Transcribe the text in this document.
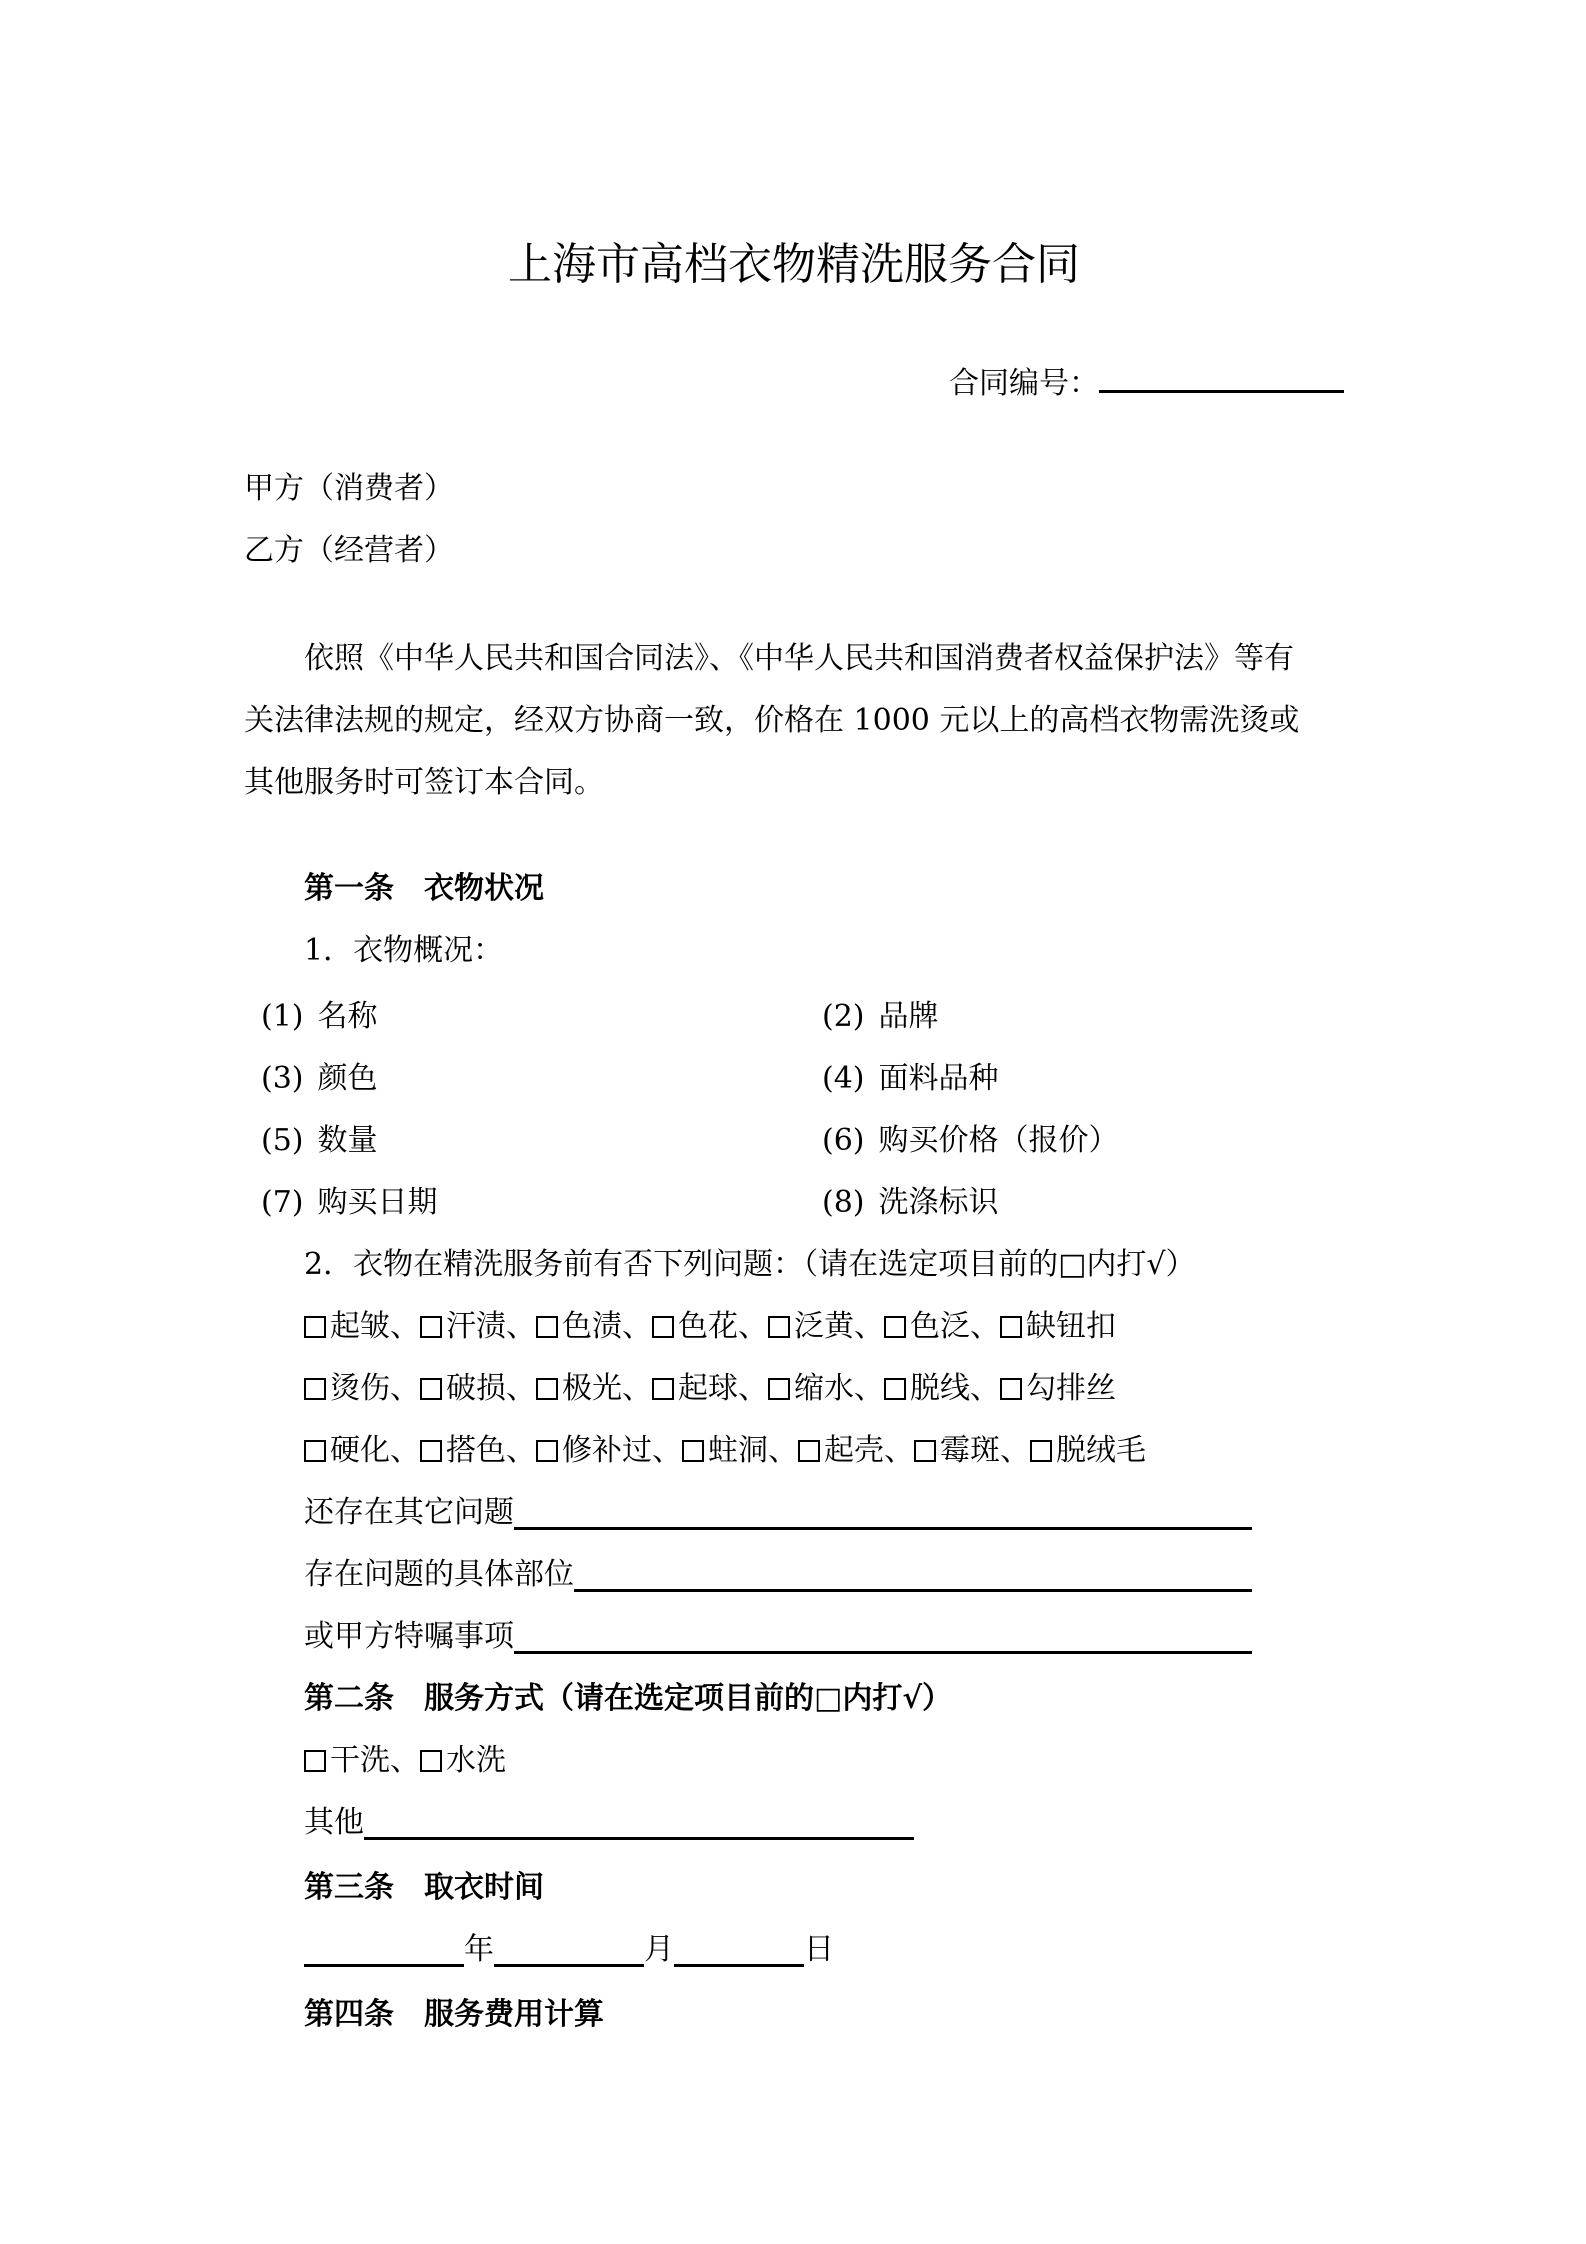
上海市高档衣物精洗服务合同
合同编号：
甲方（消费者）
乙方（经营者）
依照《中华人民共和国合同法》、《中华人民共和国消费者权益保护法》等有
关法律法规的规定，经双方协商一致，价格在 1000 元以上的高档衣物需洗烫或
其他服务时可签订本合同。
第一条　衣物状况
1．衣物概况：
(1) 名称	(2) 品牌
(3) 颜色	(4) 面料品种
(5) 数量	(6) 购买价格（报价）
(7) 购买日期	(8) 洗涤标识
2．衣物在精洗服务前有否下列问题：（请在选定项目前的□内打√）
起皱、 汗渍、 色渍、 色花、 泛黄、 色泛、 缺钮扣
烫伤、 破损、 极光、 起球、 缩水、 脱线、 勾排丝
硬化、 搭色、 修补过、 蛀洞、 起壳、 霉斑、 脱绒毛
还存在其它问题
存在问题的具体部位
或甲方特嘱事项
第二条　服务方式（请在选定项目前的□内打√）
干洗、 水洗
其他
第三条　取衣时间
年	月	日
第四条　服务费用计算
